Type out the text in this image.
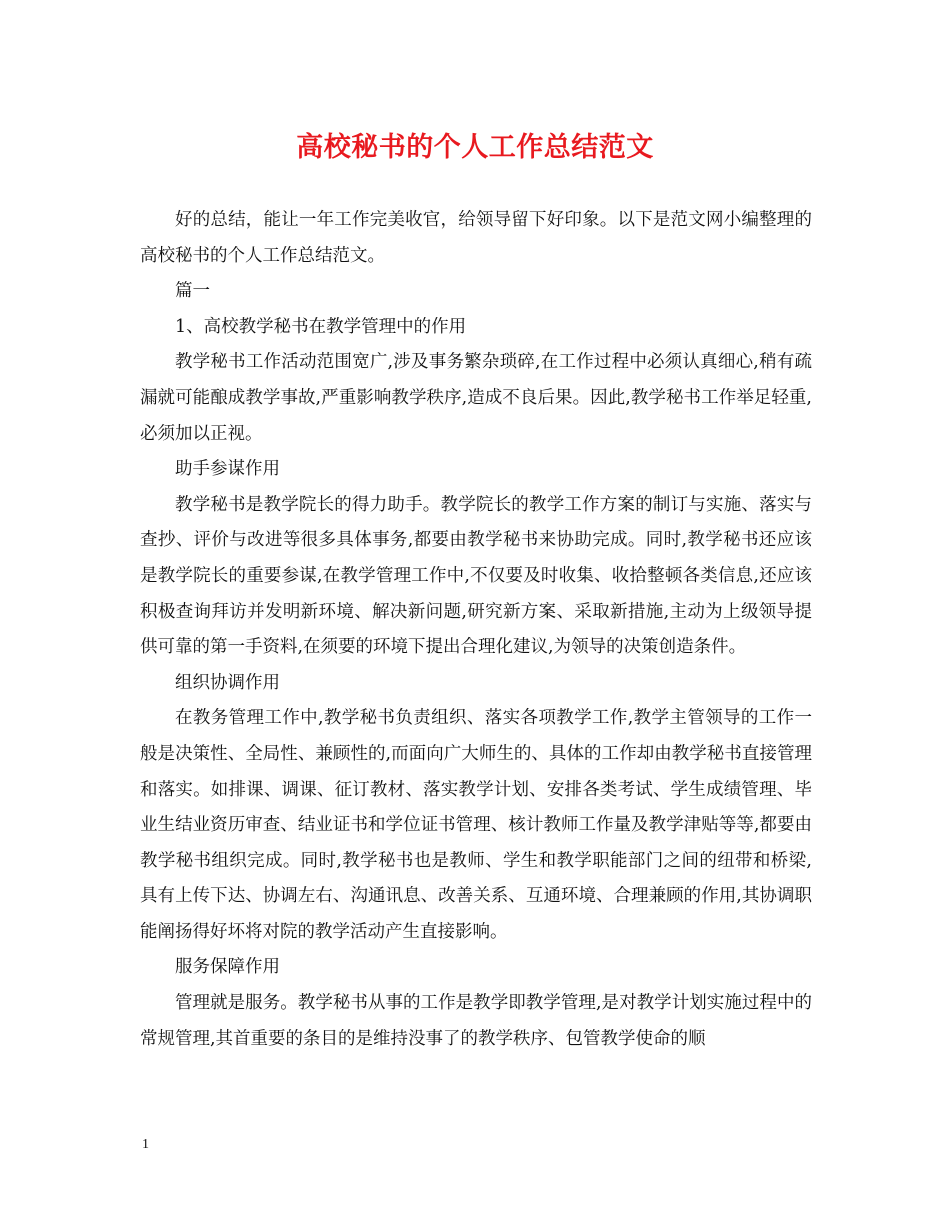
高校秘书的个人工作总结范文

好的总结，能让一年工作完美收官，给领导留下好印象。以下是范文网小编整理的高校秘书的个人工作总结范文。

篇一

1、高校教学秘书在教学管理中的作用

教学秘书工作活动范围宽广,涉及事务繁杂琐碎,在工作过程中必须认真细心,稍有疏漏就可能酿成教学事故,严重影响教学秩序,造成不良后果。因此,教学秘书工作举足轻重,必须加以正视。

助手参谋作用

教学秘书是教学院长的得力助手。教学院长的教学工作方案的制订与实施、落实与查抄、评价与改进等很多具体事务,都要由教学秘书来协助完成。同时,教学秘书还应该是教学院长的重要参谋,在教学管理工作中,不仅要及时收集、收拾整顿各类信息,还应该积极查询拜访并发明新环境、解决新问题,研究新方案、采取新措施,主动为上级领导提供可靠的第一手资料,在须要的环境下提出合理化建议,为领导的决策创造条件。

组织协调作用

在教务管理工作中,教学秘书负责组织、落实各项教学工作,教学主管领导的工作一般是决策性、全局性、兼顾性的,而面向广大师生的、具体的工作却由教学秘书直接管理和落实。如排课、调课、征订教材、落实教学计划、安排各类考试、学生成绩管理、毕业生结业资历审查、结业证书和学位证书管理、核计教师工作量及教学津贴等等,都要由教学秘书组织完成。同时,教学秘书也是教师、学生和教学职能部门之间的纽带和桥梁,具有上传下达、协调左右、沟通讯息、改善关系、互通环境、合理兼顾的作用,其协调职能阐扬得好坏将对院的教学活动产生直接影响。

服务保障作用

管理就是服务。教学秘书从事的工作是教学即教学管理,是对教学计划实施过程中的常规管理,其首重要的条目的是维持没事了的教学秩序、包管教学使命的顺

1
